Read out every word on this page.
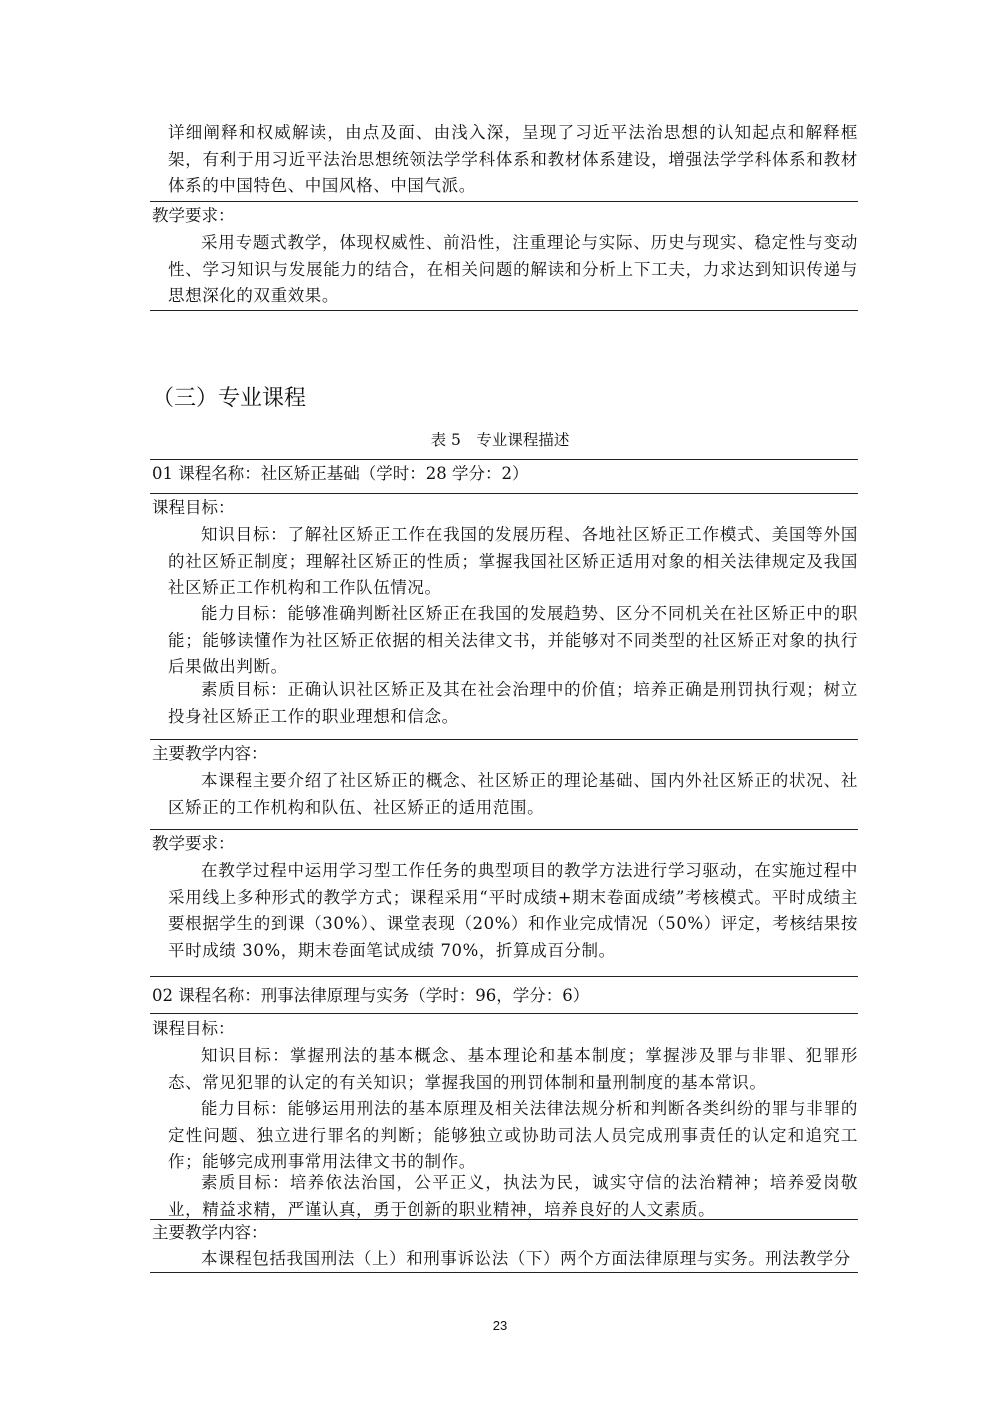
详细阐释和权威解读，由点及面、由浅入深，呈现了习近平法治思想的认知起点和解释框架，有利于用习近平法治思想统领法学学科体系和教材体系建设，增强法学学科体系和教材体系的中国特色、中国风格、中国气派。

教学要求：

采用专题式教学，体现权威性、前沿性，注重理论与实际、历史与现实、稳定性与变动性、学习知识与发展能力的结合，在相关问题的解读和分析上下工夫，力求达到知识传递与思想深化的双重效果。

（三）专业课程

表 5　专业课程描述

01 课程名称：社区矫正基础（学时：28 学分：2）

课程目标：

知识目标：了解社区矫正工作在我国的发展历程、各地社区矫正工作模式、美国等外国的社区矫正制度；理解社区矫正的性质；掌握我国社区矫正适用对象的相关法律规定及我国社区矫正工作机构和工作队伍情况。

能力目标：能够准确判断社区矫正在我国的发展趋势、区分不同机关在社区矫正中的职能；能够读懂作为社区矫正依据的相关法律文书，并能够对不同类型的社区矫正对象的执行后果做出判断。

素质目标：正确认识社区矫正及其在社会治理中的价值；培养正确是刑罚执行观；树立投身社区矫正工作的职业理想和信念。

主要教学内容：

本课程主要介绍了社区矫正的概念、社区矫正的理论基础、国内外社区矫正的状况、社区矫正的工作机构和队伍、社区矫正的适用范围。

教学要求：

在教学过程中运用学习型工作任务的典型项目的教学方法进行学习驱动，在实施过程中采用线上多种形式的教学方式；课程采用“平时成绩+期末卷面成绩”考核模式。平时成绩主要根据学生的到课（30%）、课堂表现（20%）和作业完成情况（50%）评定，考核结果按平时成绩 30%，期末卷面笔试成绩 70%，折算成百分制。

02 课程名称：刑事法律原理与实务（学时：96，学分：6）

课程目标：

知识目标：掌握刑法的基本概念、基本理论和基本制度；掌握涉及罪与非罪、犯罪形态、常见犯罪的认定的有关知识；掌握我国的刑罚体制和量刑制度的基本常识。

能力目标：能够运用刑法的基本原理及相关法律法规分析和判断各类纠纷的罪与非罪的定性问题、独立进行罪名的判断；能够独立或协助司法人员完成刑事责任的认定和追究工作；能够完成刑事常用法律文书的制作。

素质目标：培养依法治国，公平正义，执法为民，诚实守信的法治精神；培养爱岗敬业，精益求精，严谨认真，勇于创新的职业精神，培养良好的人文素质。

主要教学内容：

本课程包括我国刑法（上）和刑事诉讼法（下）两个方面法律原理与实务。刑法教学分

23
